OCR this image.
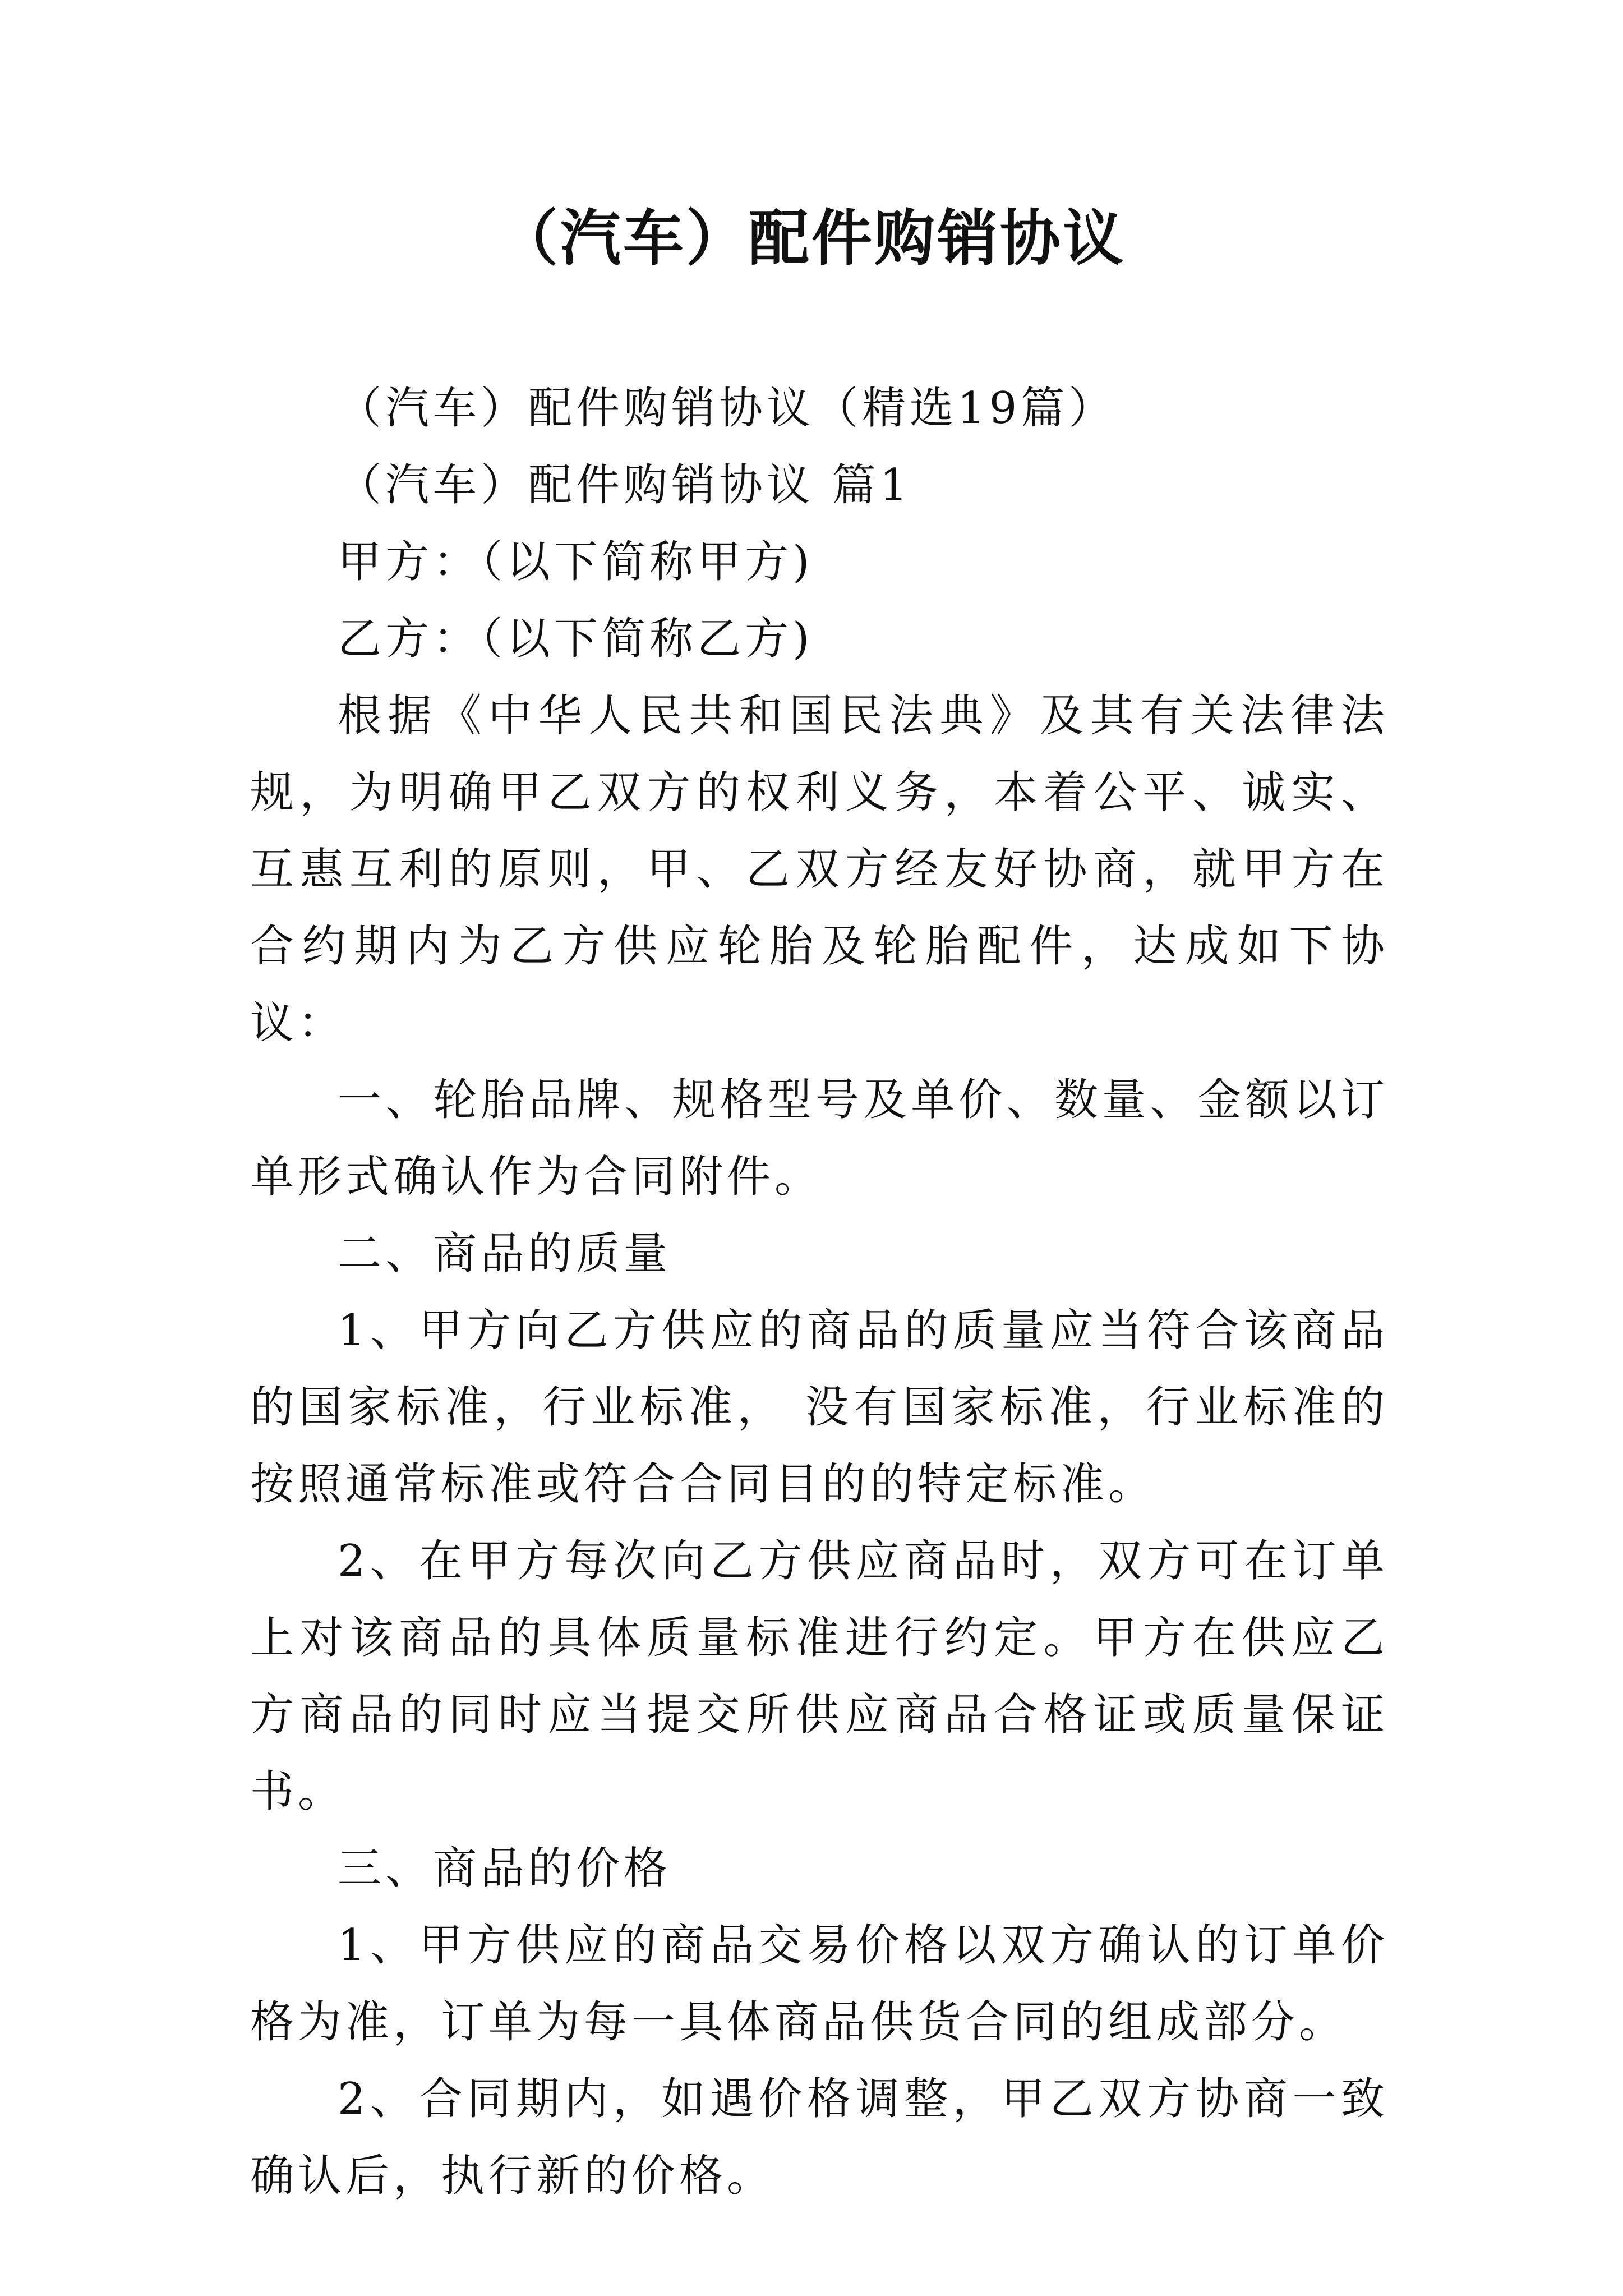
（汽车）配件购销协议

（汽车）配件购销协议（精选19篇）

（汽车）配件购销协议 篇1

甲方：（以下简称甲方)

乙方：（以下简称乙方)

根据《中华人民共和国民法典》及其有关法律法规，为明确甲乙双方的权利义务，本着公平、诚实、互惠互利的原则，甲、乙双方经友好协商，就甲方在合约期内为乙方供应轮胎及轮胎配件，达成如下协议：

一、轮胎品牌、规格型号及单价、数量、金额以订单形式确认作为合同附件。

二、商品的质量

1、甲方向乙方供应的商品的质量应当符合该商品的国家标准，行业标准， 没有国家标准，行业标准的按照通常标准或符合合同目的的特定标准。

2、在甲方每次向乙方供应商品时，双方可在订单上对该商品的具体质量标准进行约定。甲方在供应乙方商品的同时应当提交所供应商品合格证或质量保证书。

三、商品的价格

1、甲方供应的商品交易价格以双方确认的订单价格为准，订单为每一具体商品供货合同的组成部分。

2、合同期内，如遇价格调整，甲乙双方协商一致确认后，执行新的价格。
